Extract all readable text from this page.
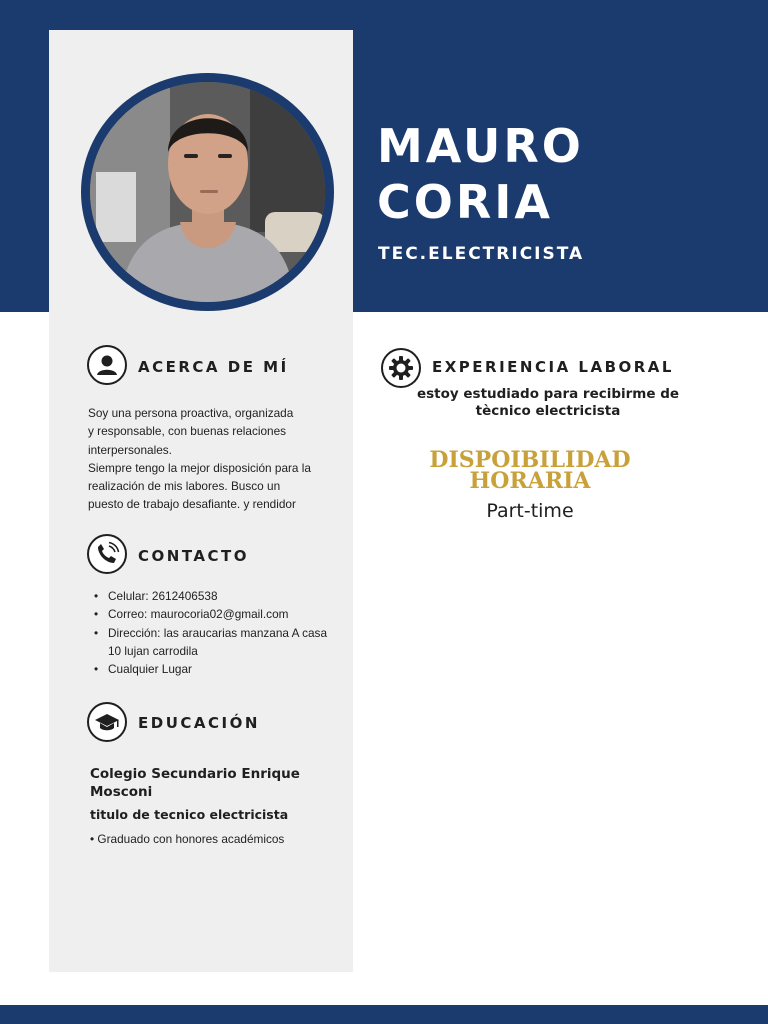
MAURO
CORIA
TEC.ELECTRICISTA
ACERCA DE MÍ
Soy una persona proactiva, organizada
y responsable, con buenas relaciones
interpersonales.
Siempre tengo la mejor disposición para la
realización de mis labores. Busco un
puesto de trabajo desafiante. y rendidor
CONTACTO
• Celular: 2612406538
• Correo: maurocoria02@gmail.com
• Dirección: las araucarias manzana A casa 10 lujan carrodila
• Cualquier Lugar
EDUCACIÓN
Colegio Secundario Enrique Mosconi
titulo de tecnico electricista
• Graduado con honores académicos
EXPERIENCIA LABORAL
estoy estudiado para recibirme de tècnico electricista
DISPOIBILIDAD HORARIA
Part-time
